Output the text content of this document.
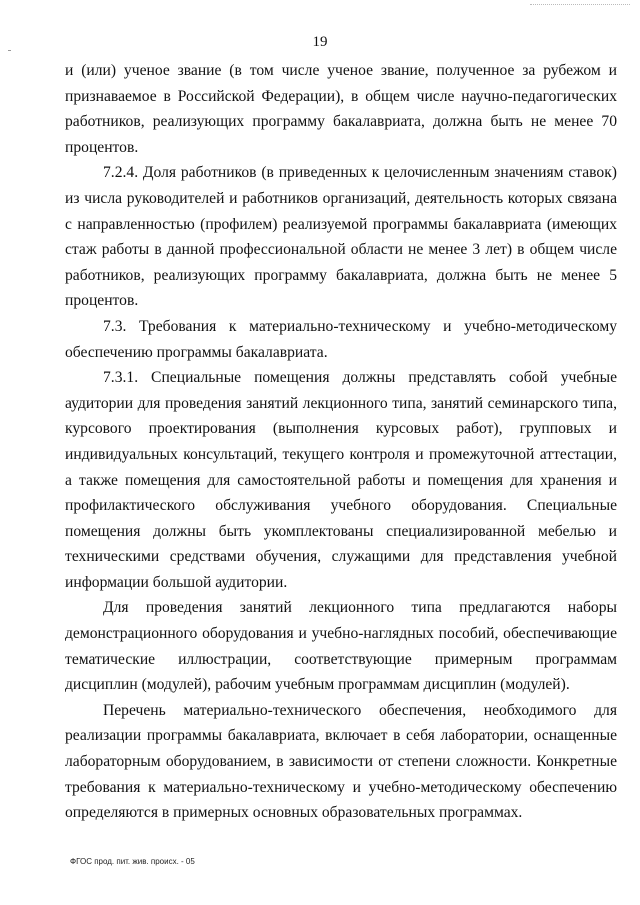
19

и (или) ученое звание (в том числе ученое звание, полученное за рубежом и признаваемое в Российской Федерации), в общем числе научно-педагогических работников, реализующих программу бакалавриата, должна быть не менее 70 процентов.

7.2.4. Доля работников (в приведенных к целочисленным значениям ставок) из числа руководителей и работников организаций, деятельность которых связана с направленностью (профилем) реализуемой программы бакалавриата (имеющих стаж работы в данной профессиональной области не менее 3 лет) в общем числе работников, реализующих программу бакалавриата, должна быть не менее 5 процентов.

7.3. Требования к материально-техническому и учебно-методическому обеспечению программы бакалавриата.

7.3.1. Специальные помещения должны представлять собой учебные аудитории для проведения занятий лекционного типа, занятий семинарского типа, курсового проектирования (выполнения курсовых работ), групповых и индивидуальных консультаций, текущего контроля и промежуточной аттестации, а также помещения для самостоятельной работы и помещения для хранения и профилактического обслуживания учебного оборудования. Специальные помещения должны быть укомплектованы специализированной мебелью и техническими средствами обучения, служащими для представления учебной информации большой аудитории.

Для проведения занятий лекционного типа предлагаются наборы демонстрационного оборудования и учебно-наглядных пособий, обеспечивающие тематические иллюстрации, соответствующие примерным программам дисциплин (модулей), рабочим учебным программам дисциплин (модулей).

Перечень материально-технического обеспечения, необходимого для реализации программы бакалавриата, включает в себя лаборатории, оснащенные лабораторным оборудованием, в зависимости от степени сложности. Конкретные требования к материально-техническому и учебно-методическому обеспечению определяются в примерных основных образовательных программах.

ФГОС прод. пит. жив. происх. - 05
